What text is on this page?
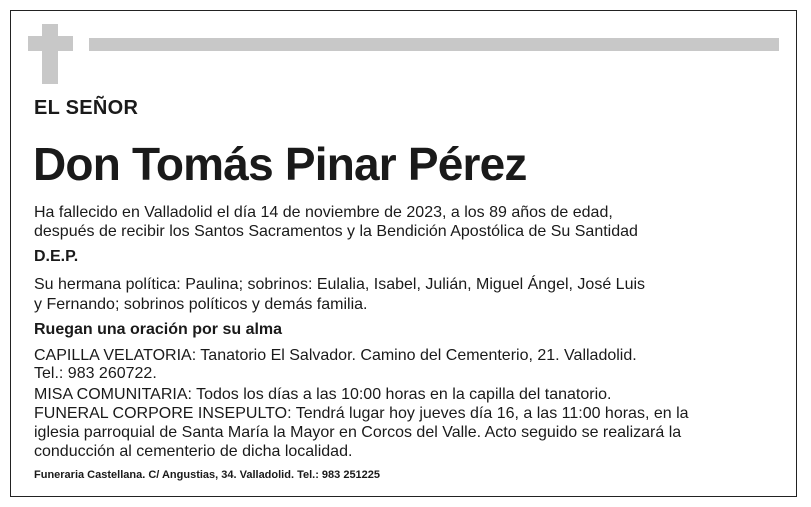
EL SEÑOR
Don Tomás Pinar Pérez
Ha fallecido en Valladolid el día 14 de noviembre de 2023, a los 89 años de edad,
después de recibir los Santos Sacramentos y la Bendición Apostólica de Su Santidad
D.E.P.
Su hermana política: Paulina; sobrinos: Eulalia, Isabel, Julián, Miguel Ángel, José Luis
y Fernando; sobrinos políticos y demás familia.
Ruegan una oración por su alma
CAPILLA VELATORIA: Tanatorio El Salvador. Camino del Cementerio, 21. Valladolid.
Tel.: 983 260722.
MISA COMUNITARIA: Todos los días a las 10:00 horas en la capilla del tanatorio.
FUNERAL CORPORE INSEPULTO: Tendrá lugar hoy jueves día 16, a las 11:00 horas, en la
iglesia parroquial de Santa María la Mayor en Corcos del Valle. Acto seguido se realizará la
conducción al cementerio de dicha localidad.
Funeraria Castellana. C/ Angustias, 34. Valladolid. Tel.: 983 251225
